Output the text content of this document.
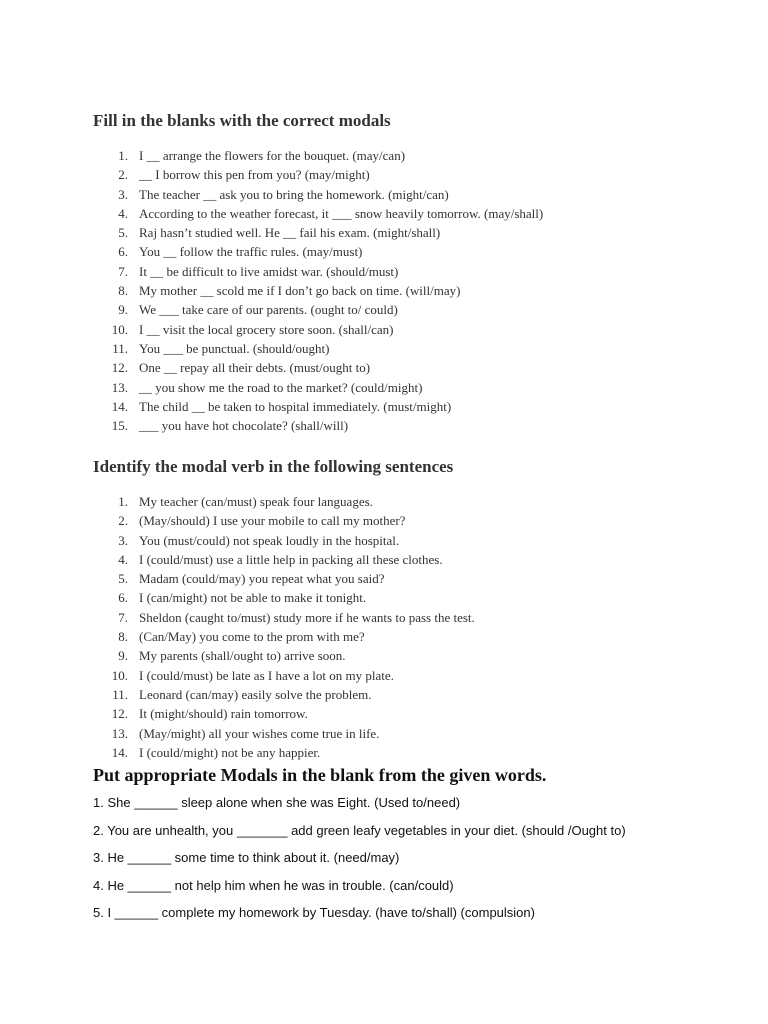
Fill in the blanks with the correct modals
1. I __ arrange the flowers for the bouquet. (may/can)
2. __ I borrow this pen from you? (may/might)
3. The teacher __ ask you to bring the homework. (might/can)
4. According to the weather forecast, it ___ snow heavily tomorrow. (may/shall)
5. Raj hasn’t studied well. He __ fail his exam. (might/shall)
6. You __ follow the traffic rules. (may/must)
7. It __ be difficult to live amidst war. (should/must)
8. My mother __ scold me if I don’t go back on time. (will/may)
9. We ___ take care of our parents. (ought to/ could)
10. I __ visit the local grocery store soon. (shall/can)
11. You ___ be punctual. (should/ought)
12. One __ repay all their debts. (must/ought to)
13. __ you show me the road to the market? (could/might)
14. The child __ be taken to hospital immediately. (must/might)
15. ___ you have hot chocolate? (shall/will)
Identify the modal verb in the following sentences
1. My teacher (can/must) speak four languages.
2. (May/should) I use your mobile to call my mother?
3. You (must/could) not speak loudly in the hospital.
4. I (could/must) use a little help in packing all these clothes.
5. Madam (could/may) you repeat what you said?
6. I (can/might) not be able to make it tonight.
7. Sheldon (caught to/must) study more if he wants to pass the test.
8. (Can/May) you come to the prom with me?
9. My parents (shall/ought to) arrive soon.
10. I (could/must) be late as I have a lot on my plate.
11. Leonard (can/may) easily solve the problem.
12. It (might/should) rain tomorrow.
13. (May/might) all your wishes come true in life.
14. I (could/might) not be any happier.
Put appropriate Modals in the blank from the given words.
1. She ______ sleep alone when she was Eight. (Used to/need)
2. You are unhealth, you _______ add green leafy vegetables in your diet. (should /Ought to)
3. He ______ some time to think about it. (need/may)
4. He ______ not help him when he was in trouble. (can/could)
5. I ______ complete my homework by Tuesday. (have to/shall) (compulsion)
